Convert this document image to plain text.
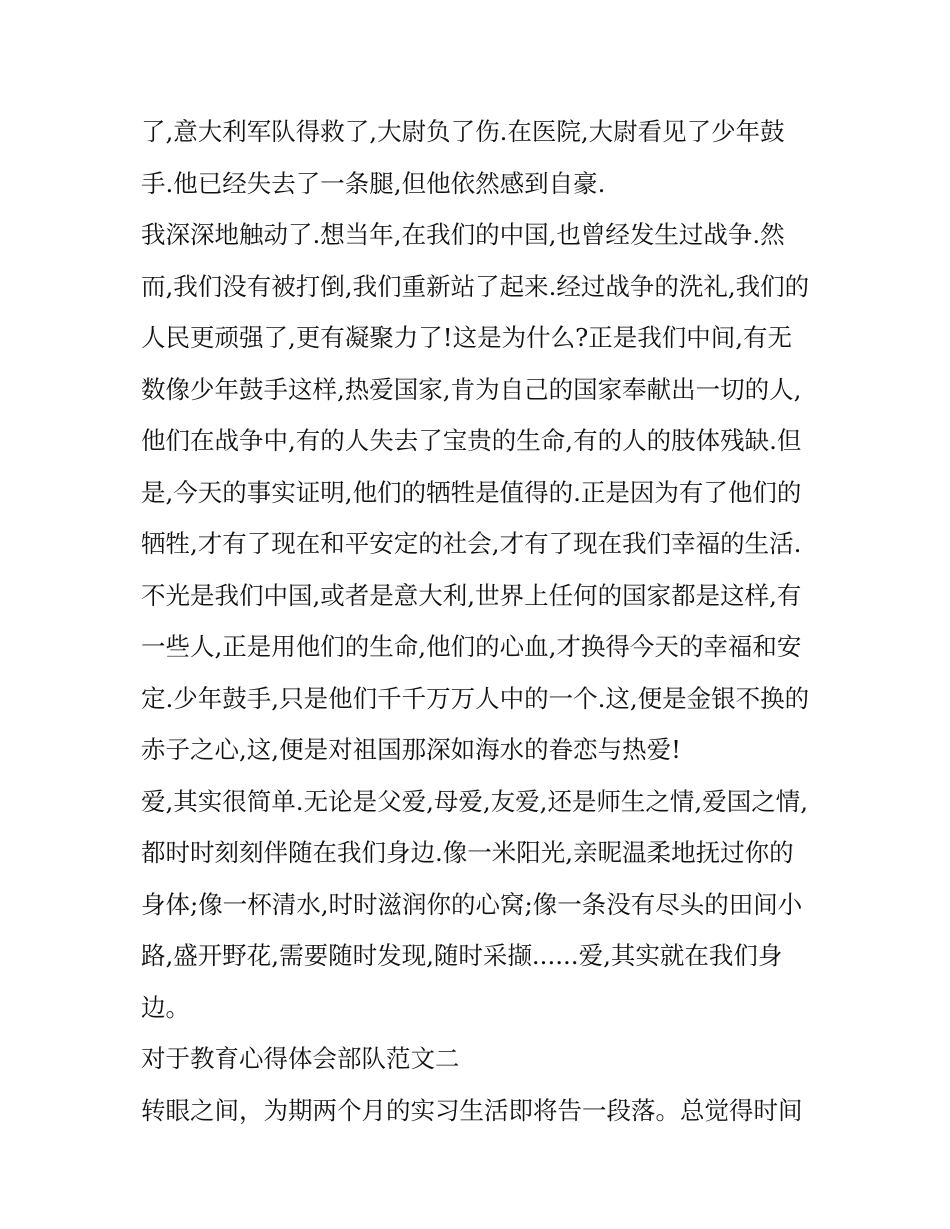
了,意大利军队得救了,大尉负了伤.在医院,大尉看见了少年鼓
手.他已经失去了一条腿,但他依然感到自豪.
我深深地触动了.想当年,在我们的中国,也曾经发生过战争.然
而,我们没有被打倒,我们重新站了起来.经过战争的洗礼,我们的
人民更顽强了,更有凝聚力了!这是为什么?正是我们中间,有无
数像少年鼓手这样,热爱国家,肯为自己的国家奉献出一切的人,
他们在战争中,有的人失去了宝贵的生命,有的人的肢体残缺.但
是,今天的事实证明,他们的牺牲是值得的.正是因为有了他们的
牺牲,才有了现在和平安定的社会,才有了现在我们幸福的生活.
不光是我们中国,或者是意大利,世界上任何的国家都是这样,有
一些人,正是用他们的生命,他们的心血,才换得今天的幸福和安
定.少年鼓手,只是他们千千万万人中的一个.这,便是金银不换的
赤子之心,这,便是对祖国那深如海水的眷恋与热爱!
爱,其实很简单.无论是父爱,母爱,友爱,还是师生之情,爱国之情,
都时时刻刻伴随在我们身边.像一米阳光,亲昵温柔地抚过你的
身体;像一杯清水,时时滋润你的心窝;像一条没有尽头的田间小
路,盛开野花,需要随时发现,随时采撷......爱,其实就在我们身
边。
对于教育心得体会部队范文二
转眼之间，为期两个月的实习生活即将告一段落。总觉得时间
